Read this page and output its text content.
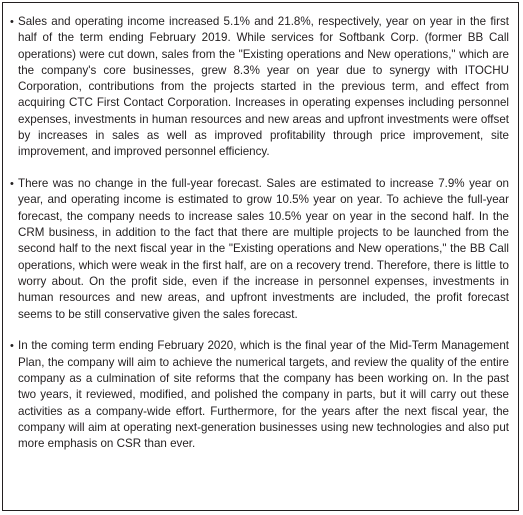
• Sales and operating income increased 5.1% and 21.8%, respectively, year on year in the first half of the term ending February 2019. While services for Softbank Corp. (former BB Call operations) were cut down, sales from the "Existing operations and New operations," which are the company's core businesses, grew 8.3% year on year due to synergy with ITOCHU Corporation, contributions from the projects started in the previous term, and effect from acquiring CTC First Contact Corporation. Increases in operating expenses including personnel expenses, investments in human resources and new areas and upfront investments were offset by increases in sales as well as improved profitability through price improvement, site improvement, and improved personnel efficiency.

• There was no change in the full-year forecast. Sales are estimated to increase 7.9% year on year, and operating income is estimated to grow 10.5% year on year. To achieve the full-year forecast, the company needs to increase sales 10.5% year on year in the second half. In the CRM business, in addition to the fact that there are multiple projects to be launched from the second half to the next fiscal year in the "Existing operations and New operations," the BB Call operations, which were weak in the first half, are on a recovery trend. Therefore, there is little to worry about. On the profit side, even if the increase in personnel expenses, investments in human resources and new areas, and upfront investments are included, the profit forecast seems to be still conservative given the sales forecast.

• In the coming term ending February 2020, which is the final year of the Mid-Term Management Plan, the company will aim to achieve the numerical targets, and review the quality of the entire company as a culmination of site reforms that the company has been working on. In the past two years, it reviewed, modified, and polished the company in parts, but it will carry out these activities as a company-wide effort. Furthermore, for the years after the next fiscal year, the company will aim at operating next-generation businesses using new technologies and also put more emphasis on CSR than ever.
